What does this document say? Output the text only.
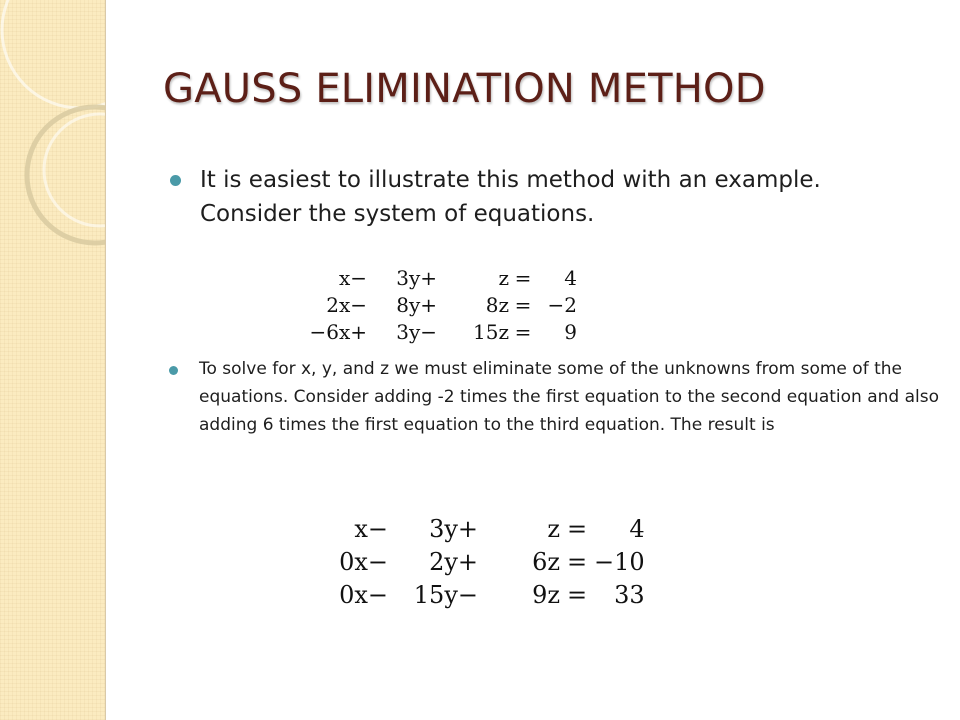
GAUSS ELIMINATION METHOD

It is easiest to illustrate this method with an example. Consider the system of equations.

x−	3y+	z	=	4
2x−	8y+	8z	=	−2
−6x+	3y−	15z	=	9

To solve for x, y, and z we must eliminate some of the unknowns from some of the equations. Consider adding -2 times the first equation to the second equation and also adding 6 times the first equation to the third equation. The result is

x−	3y+	z	=	4
0x−	2y+	6z	=	−10
0x−	15y−	9z	=	33
